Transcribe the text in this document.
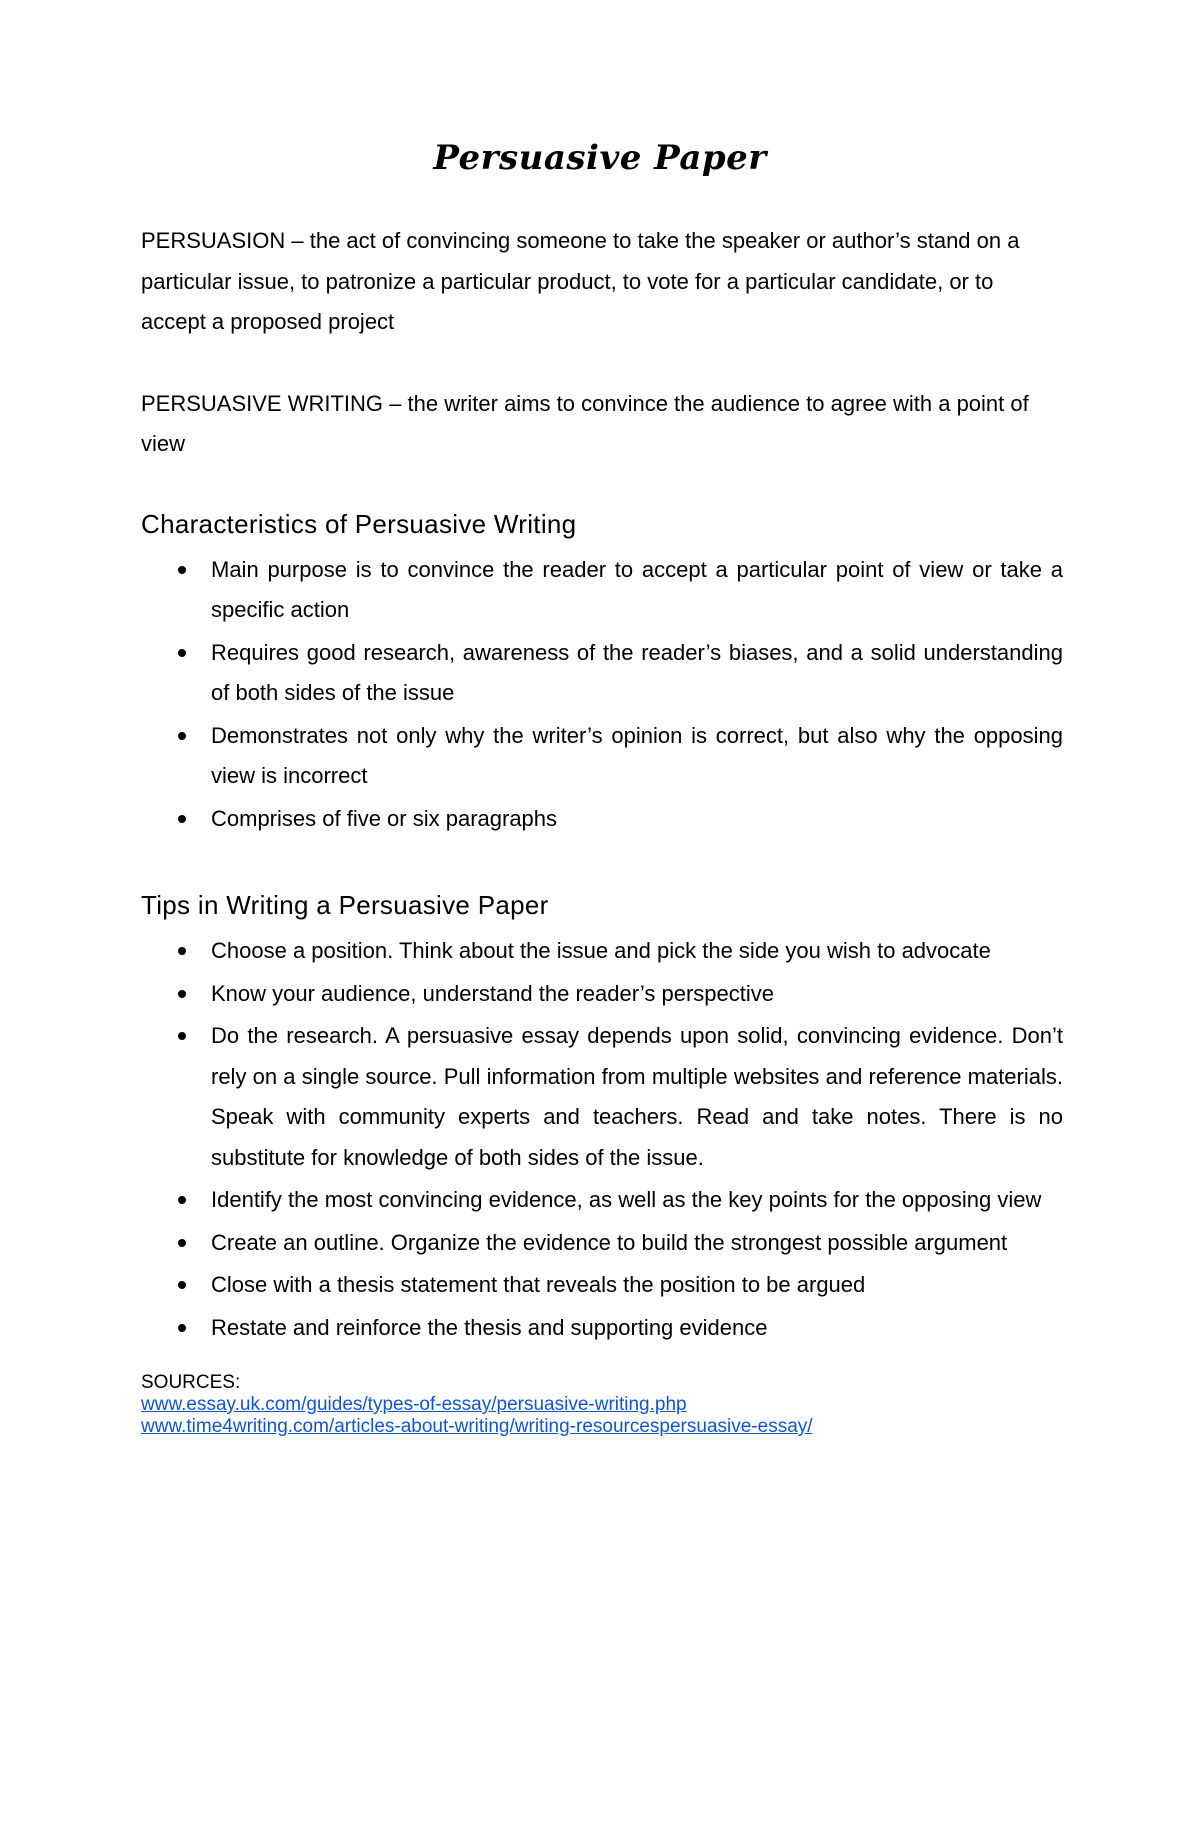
Persuasive Paper

PERSUASION – the act of convincing someone to take the speaker or author’s stand on a particular issue, to patronize a particular product, to vote for a particular candidate, or to accept a proposed project

PERSUASIVE WRITING – the writer aims to convince the audience to agree with a point of view

Characteristics of Persuasive Writing
Main purpose is to convince the reader to accept a particular point of view or take a specific action
Requires good research, awareness of the reader’s biases, and a solid understanding of both sides of the issue
Demonstrates not only why the writer’s opinion is correct, but also why the opposing view is incorrect
Comprises of five or six paragraphs
Tips in Writing a Persuasive Paper
Choose a position. Think about the issue and pick the side you wish to advocate
Know your audience, understand the reader’s perspective
Do the research. A persuasive essay depends upon solid, convincing evidence. Don’t rely on a single source. Pull information from multiple websites and reference materials. Speak with community experts and teachers. Read and take notes. There is no substitute for knowledge of both sides of the issue.
Identify the most convincing evidence, as well as the key points for the opposing view
Create an outline. Organize the evidence to build the strongest possible argument
Close with a thesis statement that reveals the position to be argued
Restate and reinforce the thesis and supporting evidence
SOURCES:
www.essay.uk.com/guides/types-of-essay/persuasive-writing.php
www.time4writing.com/articles-about-writing/writing-resourcespersuasive-essay/
